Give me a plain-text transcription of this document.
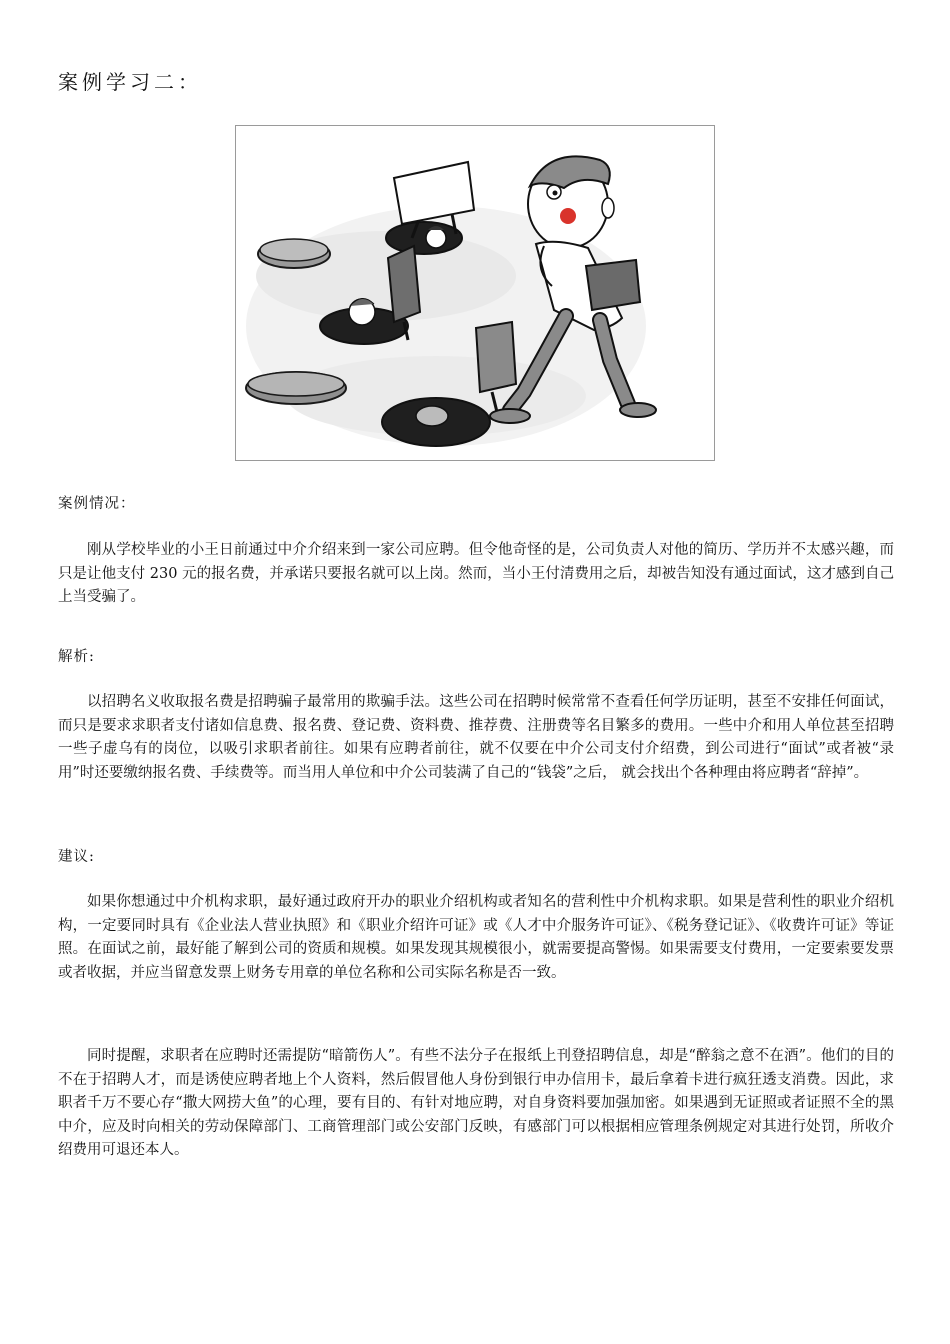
案例学习二：
案例情况：

刚从学校毕业的小王日前通过中介介绍来到一家公司应聘。但令他奇怪的是，公司负责人对他的简历、学历并不太感兴趣，而只是让他支付 230 元的报名费，并承诺只要报名就可以上岗。然而，当小王付清费用之后，却被告知没有通过面试，这才感到自己上当受骗了。

解析:

以招聘名义收取报名费是招聘骗子最常用的欺骗手法。这些公司在招聘时候常常不查看任何学历证明，甚至不安排任何面试，而只是要求求职者支付诸如信息费、报名费、登记费、资料费、推荐费、注册费等名目繁多的费用。一些中介和用人单位甚至招聘一些子虚乌有的岗位，以吸引求职者前往。如果有应聘者前往，就不仅要在中介公司支付介绍费，到公司进行“面试”或者被“录用”时还要缴纳报名费、手续费等。而当用人单位和中介公司装满了自己的“钱袋”之后， 就会找出个各种理由将应聘者“辞掉”。

建议:

如果你想通过中介机构求职，最好通过政府开办的职业介绍机构或者知名的营利性中介机构求职。如果是营利性的职业介绍机构，一定要同时具有《企业法人营业执照》和《职业介绍许可证》或《人才中介服务许可证》、《税务登记证》、《收费许可证》等证照。在面试之前，最好能了解到公司的资质和规模。如果发现其规模很小，就需要提高警惕。如果需要支付费用，一定要索要发票或者收据，并应当留意发票上财务专用章的单位名称和公司实际名称是否一致。

同时提醒，求职者在应聘时还需提防“暗箭伤人”。有些不法分子在报纸上刊登招聘信息，却是“醉翁之意不在酒”。他们的目的不在于招聘人才，而是诱使应聘者地上个人资料，然后假冒他人身份到银行申办信用卡，最后拿着卡进行疯狂透支消费。因此，求职者千万不要心存“撒大网捞大鱼”的心理，要有目的、有针对地应聘，对自身资料要加强加密。如果遇到无证照或者证照不全的黑中介，应及时向相关的劳动保障部门、工商管理部门或公安部门反映，有感部门可以根据相应管理条例规定对其进行处罚，所收介绍费用可退还本人。
